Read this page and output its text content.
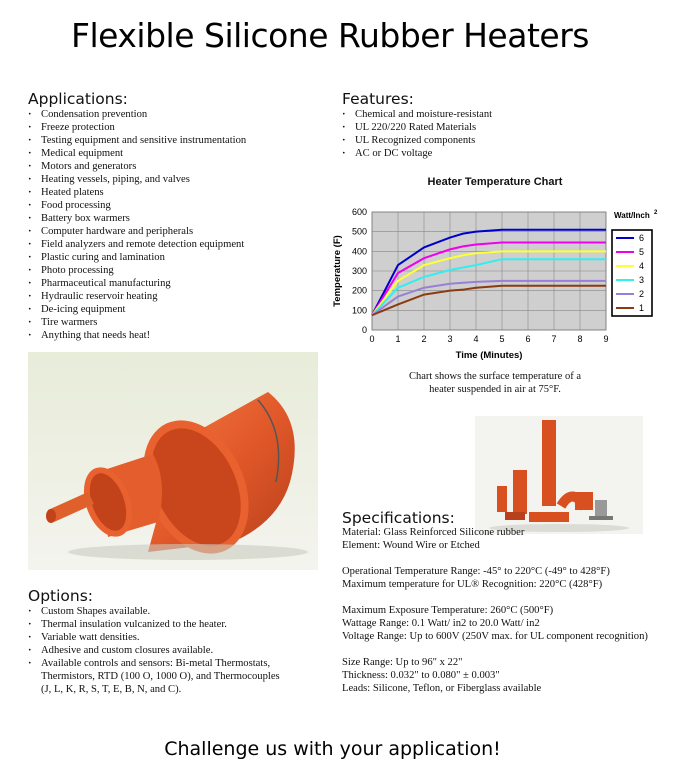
Flexible Silicone Rubber Heaters
Applications:
· Condensation prevention
· Freeze protection
· Testing equipment and sensitive instrumentation
· Medical equipment
· Motors and generators
· Heating vessels, piping, and valves
· Heated platens
· Food processing
· Battery box warmers
· Computer hardware and peripherals
· Field analyzers and remote detection equipment
· Plastic curing and lamination
· Photo processing
· Pharmaceutical manufacturing
· Hydraulic reservoir heating
· De-icing equipment
· Tire warmers
· Anything that needs heat!
Features:
· Chemical and moisture-resistant
· UL 220/220 Rated Materials
· UL Recognized components
· AC or DC voltage
Heater Temperature Chart
0 1 2 3 4 5 6 7 8 9
0
100
200
300
400
500
600
Time (Minutes)
Temperature (F)
Watt/Inch 2
6
5
4
3
2
1
Chart shows the surface temperature of a
heater suspended in air at 75°F.
Options:
· Custom Shapes available.
· Thermal insulation vulcanized to the heater.
· Variable watt densities.
· Adhesive and custom closures available.
· Available controls and sensors: Bi-metal Thermostats,
Thermistors, RTD (100 O, 1000 O), and Thermocouples
(J, L, K, R, S, T, E, B, N, and C).
Specifications:
Material: Glass Reinforced Silicone rubber
Element: Wound Wire or Etched
Operational Temperature Range: -45° to 220°C (-49° to 428°F)
Maximum temperature for UL® Recognition: 220°C (428°F)
Maximum Exposure Temperature: 260°C (500°F)
Wattage Range: 0.1 Watt/ in2 to 20.0 Watt/ in2
Voltage Range: Up to 600V (250V max. for UL component recognition)
Size Range: Up to 96" x 22"
Thickness: 0.032" to 0.080" ± 0.003"
Leads: Silicone, Teflon, or Fiberglass available
Challenge us with your application!
